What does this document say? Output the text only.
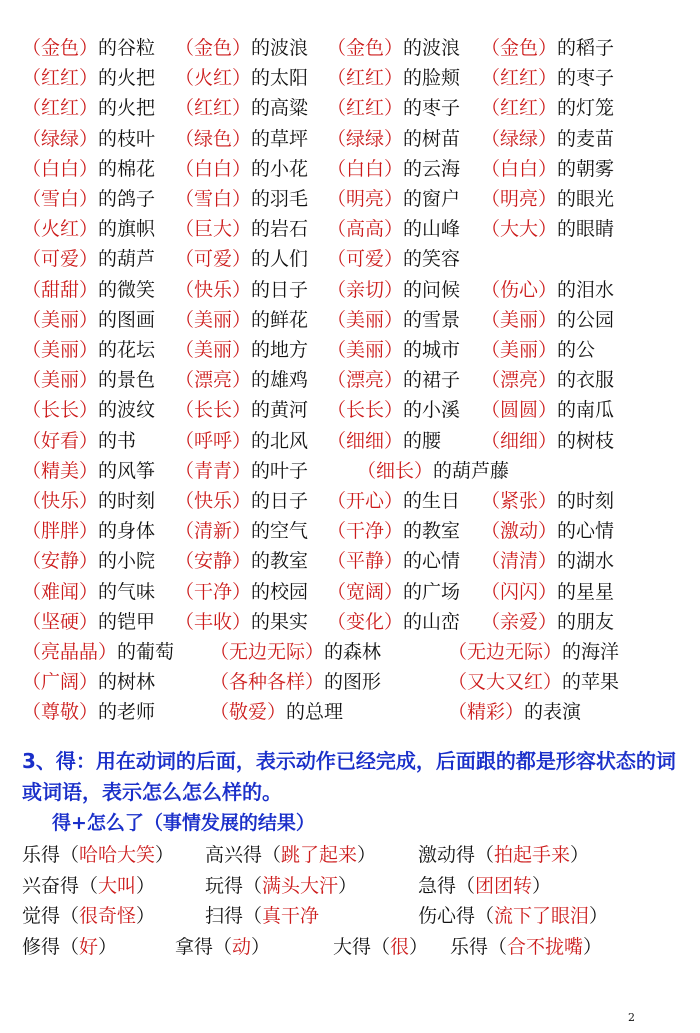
（金色）的谷粒 （金色）的波浪 （金色）的波浪 （金色）的稻子
（红红）的火把 （火红）的太阳 （红红）的脸颊 （红红）的枣子
（红红）的火把 （红红）的高粱 （红红）的枣子 （红红）的灯笼
（绿绿）的枝叶 （绿色）的草坪 （绿绿）的树苗 （绿绿）的麦苗
（白白）的棉花 （白白）的小花 （白白）的云海 （白白）的朝雾
（雪白）的鸽子 （雪白）的羽毛 （明亮）的窗户 （明亮）的眼光
（火红）的旗帜 （巨大）的岩石 （高高）的山峰 （大大）的眼睛
（可爱）的葫芦 （可爱）的人们 （可爱）的笑容
（甜甜）的微笑 （快乐）的日子 （亲切）的问候 （伤心）的泪水
（美丽）的图画 （美丽）的鲜花 （美丽）的雪景 （美丽）的公园
（美丽）的花坛 （美丽）的地方 （美丽）的城市 （美丽）的公
（美丽）的景色 （漂亮）的雄鸡 （漂亮）的裙子 （漂亮）的衣服
（长长）的波纹 （长长）的黄河 （长长）的小溪 （圆圆）的南瓜
（好看）的书 （呼呼）的北风 （细细）的腰 （细细）的树枝
（精美）的风筝 （青青）的叶子	（细长）的葫芦藤
（快乐）的时刻 （快乐）的日子 （开心）的生日 （紧张）的时刻
（胖胖）的身体 （清新）的空气 （干净）的教室 （激动）的心情
（安静）的小院 （安静）的教室 （平静）的心情 （清清）的湖水
（难闻）的气味 （干净）的校园 （宽阔）的广场 （闪闪）的星星
（坚硬）的铠甲 （丰收）的果实 （变化）的山峦 （亲爱）的朋友
（亮晶晶）的葡萄 （无边无际）的森林	（无边无际）的海洋
（广阔）的树林	（各种各样）的图形	（又大又红）的苹果
（尊敬）的老师	（敬爱）的总理	（精彩）的表演
3、得：用在动词的后面，表示动作已经完成，后面跟的都是形容状态的词或词语，表示怎么怎么样的。
得+怎么了（事情发展的结果）
乐得（哈哈大笑） 高兴得（跳了起来） 激动得（拍起手来）
兴奋得（大叫）	玩得（满头大汗）	急得（团团转）
觉得（很奇怪）	扫得（真干净	伤心得（流下了眼泪）
修得（好）	拿得（动）	大得（很） 乐得（合不拢嘴）
2
